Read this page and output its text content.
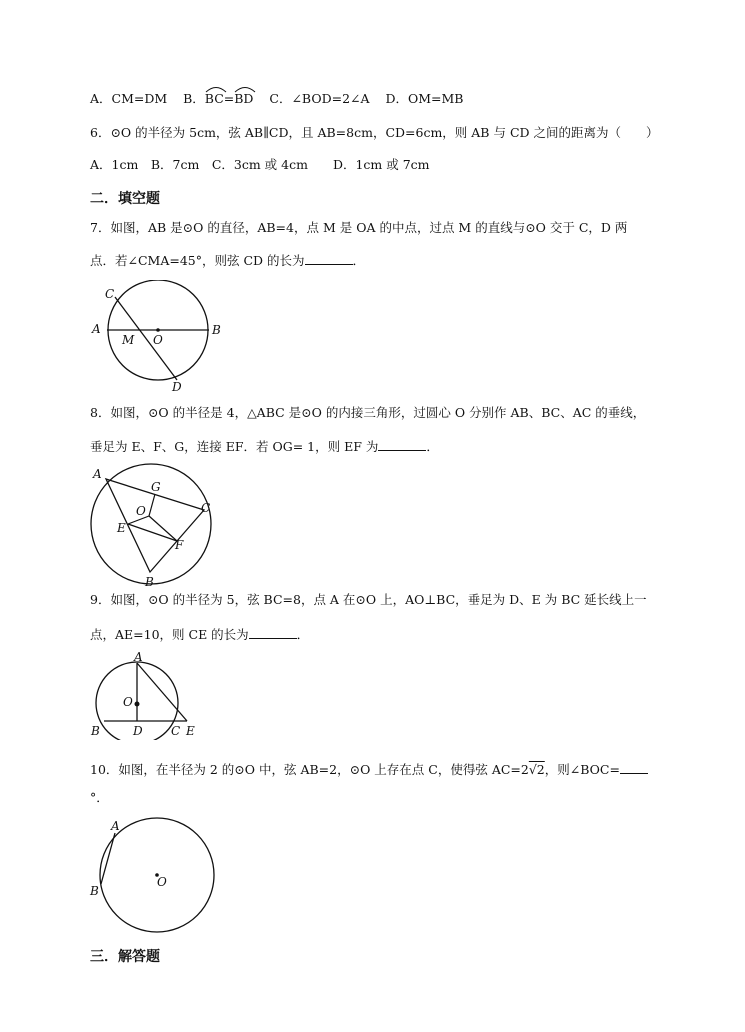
A．CM=DM B．
BC=
BD C．∠BOD=2∠A D．OM=MB
6．⊙O 的半径为 5cm，弦 AB∥CD，且 AB=8cm，CD=6cm，则 AB 与 CD 之间的距离为（　　）
A．1cm　B．7cm　C．3cm 或 4cm　　D．1cm 或 7cm
二．填空题
7．如图，AB 是⊙O 的直径，AB=4，点 M 是 OA 的中点，过点 M 的直线与⊙O 交于 C，D 两
点．若∠CMA=45°，则弦 CD 的长为	．
A	B
C
D
M O
8．如图，⊙O 的半径是 4，△ABC 是⊙O 的内接三角形，过圆心 O 分别作 AB、BC、AC 的垂线，
垂足为 E、F、G，连接 EF．若 OG= 1，则 EF 为	．
A
B
C
E
F
G
O
9．如图，⊙O 的半径为 5，弦 BC=8，点 A 在⊙O 上，AO⊥BC，垂足为 D、E 为 BC 延长线上一
点，AE=10，则 CE 的长为	．
A
B	C
D	E
O
10．如图，在半径为 2 的⊙O 中，弦 AB=2，⊙O 上存在点 C，使得弦 AC=2√2，则∠BOC=
°．
A
B
O
三．解答题
